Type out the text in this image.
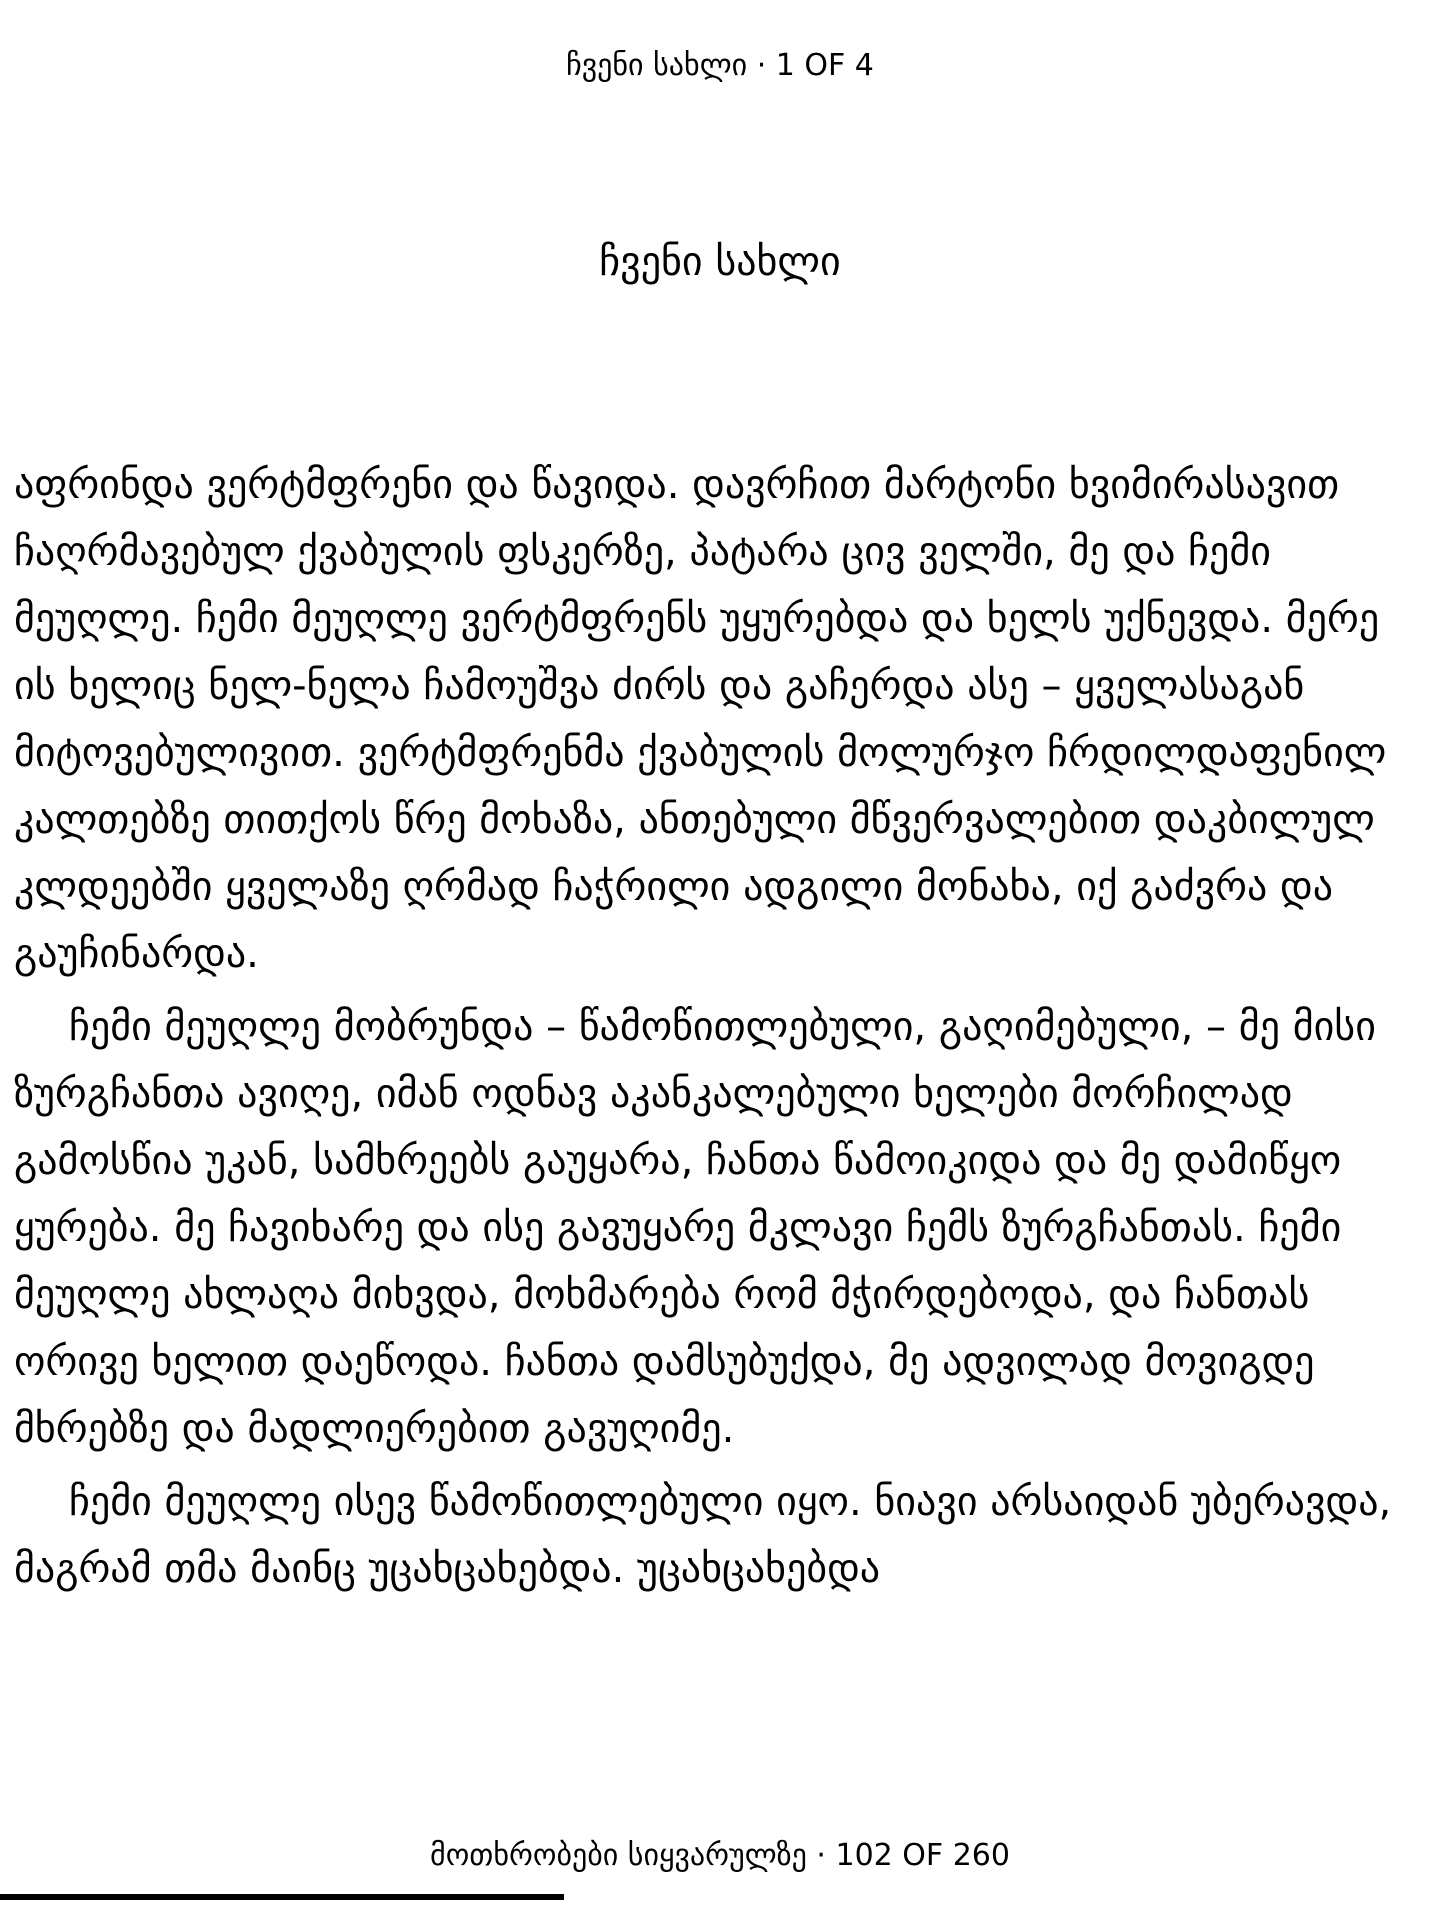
ჩვენი სახლი · 1 OF 4
ჩვენი სახლი

აფრინდა ვერტმფრენი და წავიდა. დავრჩით მარტონი ხვიმირასავით ჩაღრმავებულ ქვაბულის ფსკერზე, პატარა ცივ ველში, მე და ჩემი მეუღლე. ჩემი მეუღლე ვერტმფრენს უყურებდა და ხელს უქნევდა. მერე ის ხელიც ნელ-ნელა ჩამოუშვა ძირს და გაჩერდა ასე – ყველასაგან მიტოვებულივით. ვერტმფრენმა ქვაბულის მოლურჯო ჩრდილდაფენილ კალთებზე თითქოს წრე მოხაზა, ანთებული მწვერვალებით დაკბილულ კლდეებში ყველაზე ღრმად ჩაჭრილი ადგილი მონახა, იქ გაძვრა და გაუჩინარდა.

ჩემი მეუღლე მობრუნდა – წამოწითლებული, გაღიმებული, – მე მისი ზურგჩანთა ავიღე, იმან ოდნავ აკანკალებული ხელები მორჩილად გამოსწია უკან, სამხრეებს გაუყარა, ჩანთა წამოიკიდა და მე დამიწყო ყურება. მე ჩავიხარე და ისე გავუყარე მკლავი ჩემს ზურგჩანთას. ჩემი მეუღლე ახლაღა მიხვდა, მოხმარება რომ მჭირდებოდა, და ჩანთას ორივე ხელით დაეწოდა. ჩანთა დამსუბუქდა, მე ადვილად მოვიგდე მხრებზე და მადლიერებით გავუღიმე.

ჩემი მეუღლე ისევ წამოწითლებული იყო. ნიავი არსაიდან უბერავდა, მაგრამ თმა მაინც უცახცახებდა. უცახცახებდა

მოთხრობები სიყვარულზე · 102 OF 260
